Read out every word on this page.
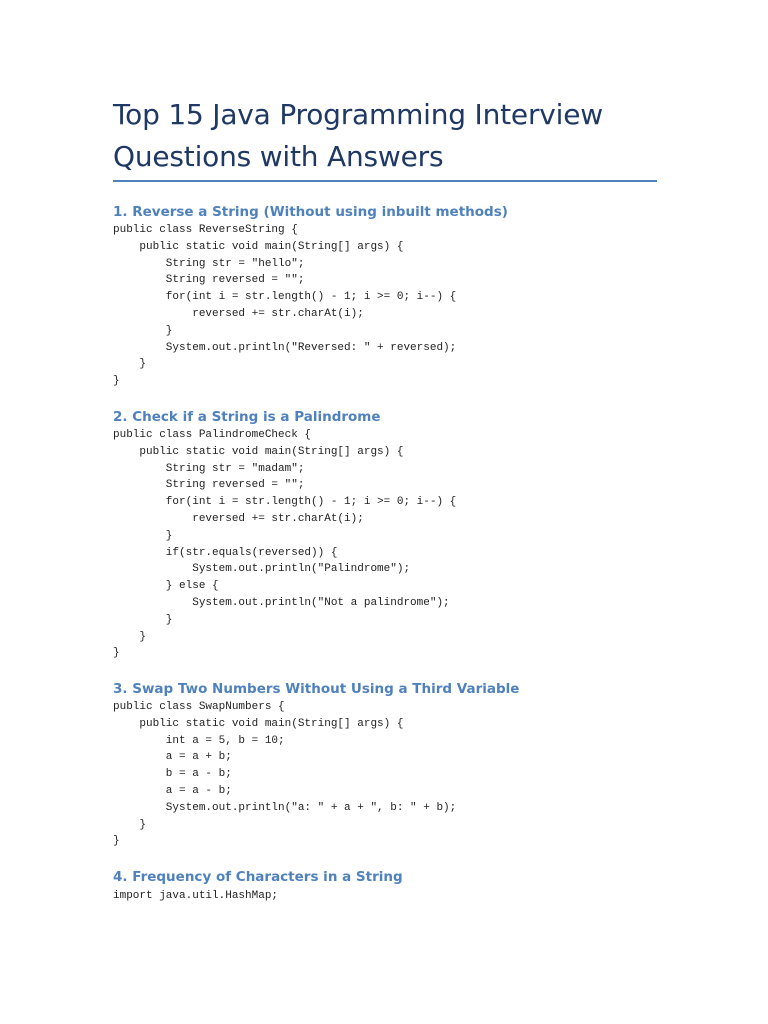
Top 15 Java Programming Interview Questions with Answers
1. Reverse a String (Without using inbuilt methods)
public class ReverseString {
public static void main(String[] args) {
String str = "hello";
String reversed = "";
for(int i = str.length() - 1; i >= 0; i--) {
reversed += str.charAt(i);
}
System.out.println("Reversed: " + reversed);
}
}
2. Check if a String is a Palindrome
public class PalindromeCheck {
public static void main(String[] args) {
String str = "madam";
String reversed = "";
for(int i = str.length() - 1; i >= 0; i--) {
reversed += str.charAt(i);
}
if(str.equals(reversed)) {
System.out.println("Palindrome");
} else {
System.out.println("Not a palindrome");
}
}
}
3. Swap Two Numbers Without Using a Third Variable
public class SwapNumbers {
public static void main(String[] args) {
int a = 5, b = 10;
a = a + b;
b = a - b;
a = a - b;
System.out.println("a: " + a + ", b: " + b);
}
}
4. Frequency of Characters in a String
import java.util.HashMap;
